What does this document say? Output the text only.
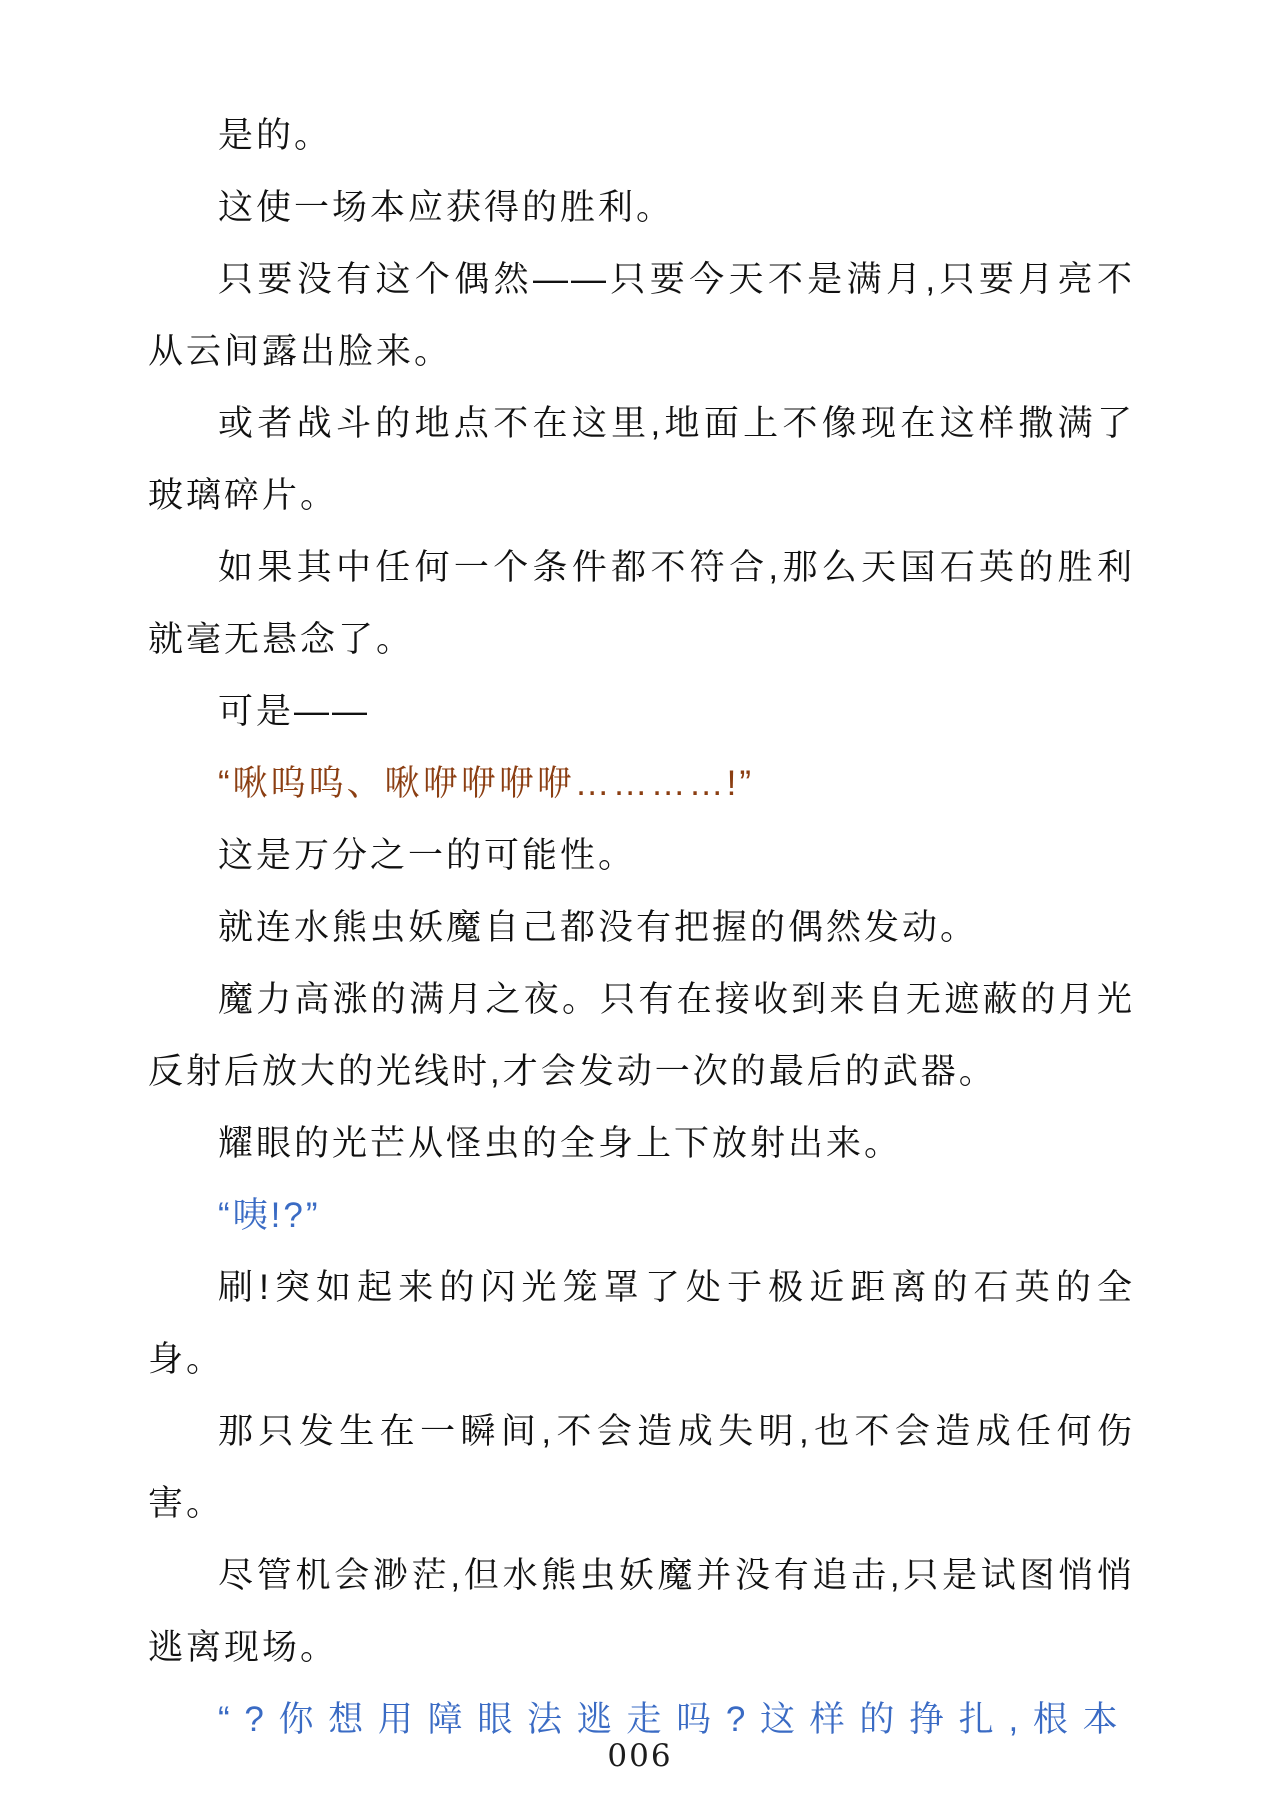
是的。

这使一场本应获得的胜利。

只要没有这个偶然——只要今天不是满月,只要月亮不从云间露出脸来。

或者战斗的地点不在这里,地面上不像现在这样撒满了玻璃碎片。

如果其中任何一个条件都不符合,那么天国石英的胜利就毫无悬念了。

可是——

“啾呜呜、啾咿咿咿咿…………!”

这是万分之一的可能性。

就连水熊虫妖魔自己都没有把握的偶然发动。

魔力高涨的满月之夜。只有在接收到来自无遮蔽的月光反射后放大的光线时,才会发动一次的最后的武器。

耀眼的光芒从怪虫的全身上下放射出来。

“咦!?”

刷!突如起来的闪光笼罩了处于极近距离的石英的全身。

那只发生在一瞬间,不会造成失明,也不会造成任何伤害。

尽管机会渺茫,但水熊虫妖魔并没有追击,只是试图悄悄逃离现场。

“?你想用障眼法逃走吗?这样的挣扎,根本

006
